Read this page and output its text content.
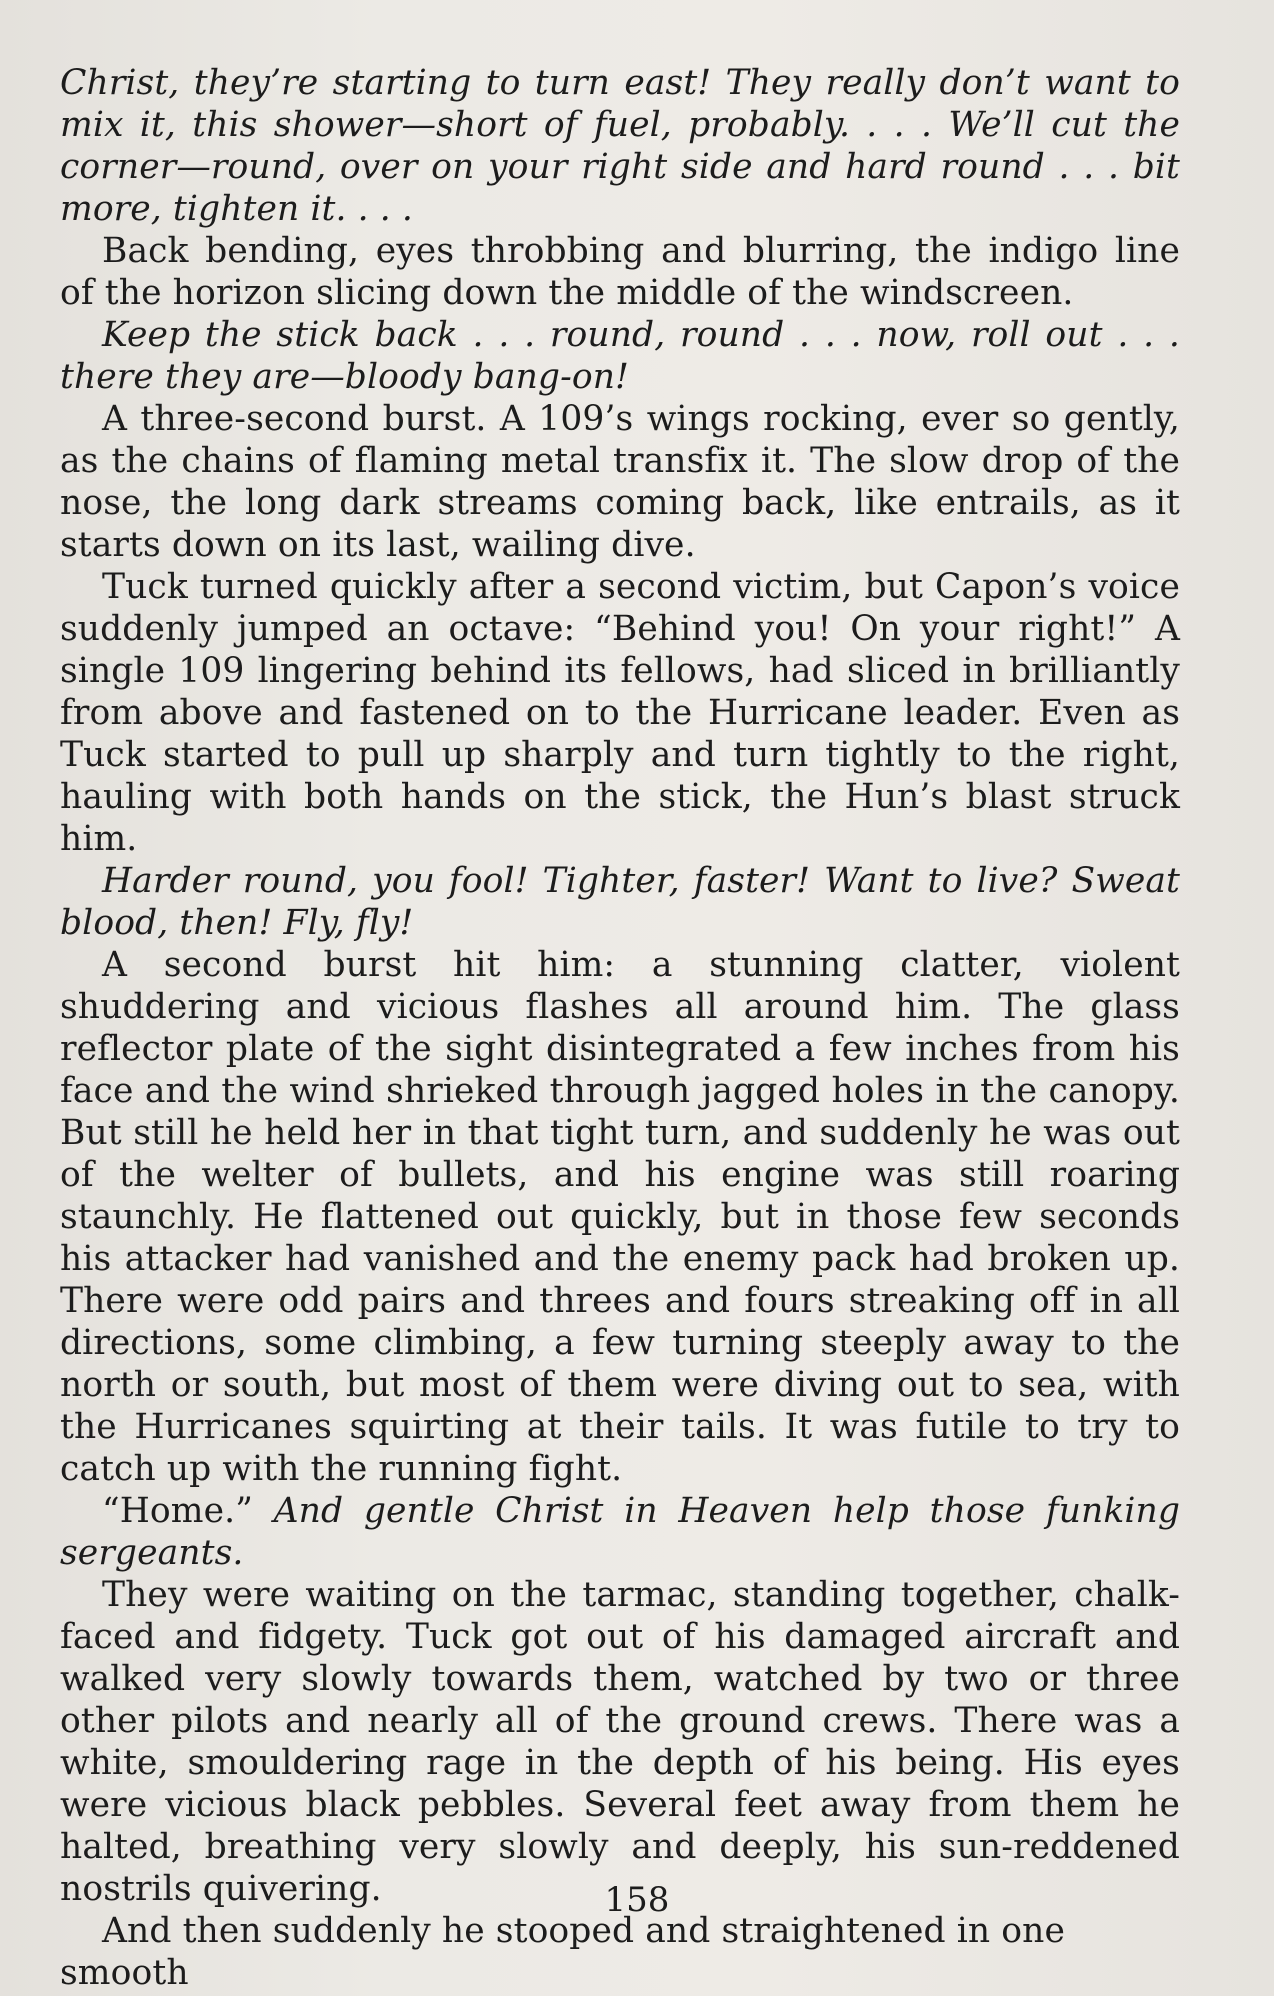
Christ, they’re starting to turn east! They really don’t want to mix it, this shower—short of fuel, probably. . . . We’ll cut the corner—round, over on your right side and hard round . . . bit more, tighten it. . . .

Back bending, eyes throbbing and blurring, the indigo line of the horizon slicing down the middle of the windscreen.

Keep the stick back . . . round, round . . . now, roll out . . . there they are—bloody bang-on!

A three-second burst. A 109’s wings rocking, ever so gently, as the chains of flaming metal transfix it. The slow drop of the nose, the long dark streams coming back, like entrails, as it starts down on its last, wailing dive.

Tuck turned quickly after a second victim, but Capon’s voice suddenly jumped an octave: “Behind you! On your right!” A single 109 lingering behind its fellows, had sliced in brilliantly from above and fastened on to the Hurricane leader. Even as Tuck started to pull up sharply and turn tightly to the right, hauling with both hands on the stick, the Hun’s blast struck him.

Harder round, you fool! Tighter, faster! Want to live? Sweat blood, then! Fly, fly!

A second burst hit him: a stunning clatter, violent shuddering and vicious flashes all around him. The glass reflector plate of the sight disintegrated a few inches from his face and the wind shrieked through jagged holes in the canopy. But still he held her in that tight turn, and suddenly he was out of the welter of bullets, and his engine was still roaring staunchly. He flattened out quickly, but in those few seconds his attacker had vanished and the enemy pack had broken up. There were odd pairs and threes and fours streaking off in all directions, some climbing, a few turning steeply away to the north or south, but most of them were diving out to sea, with the Hurricanes squirting at their tails. It was futile to try to catch up with the running fight.

“Home.” And gentle Christ in Heaven help those funking sergeants.

They were waiting on the tarmac, standing together, chalk-faced and fidgety. Tuck got out of his damaged aircraft and walked very slowly towards them, watched by two or three other pilots and nearly all of the ground crews. There was a white, smouldering rage in the depth of his being. His eyes were vicious black pebbles. Several feet away from them he halted, breathing very slowly and deeply, his sun-reddened nostrils quivering.

And then suddenly he stooped and straightened in one smooth

158
